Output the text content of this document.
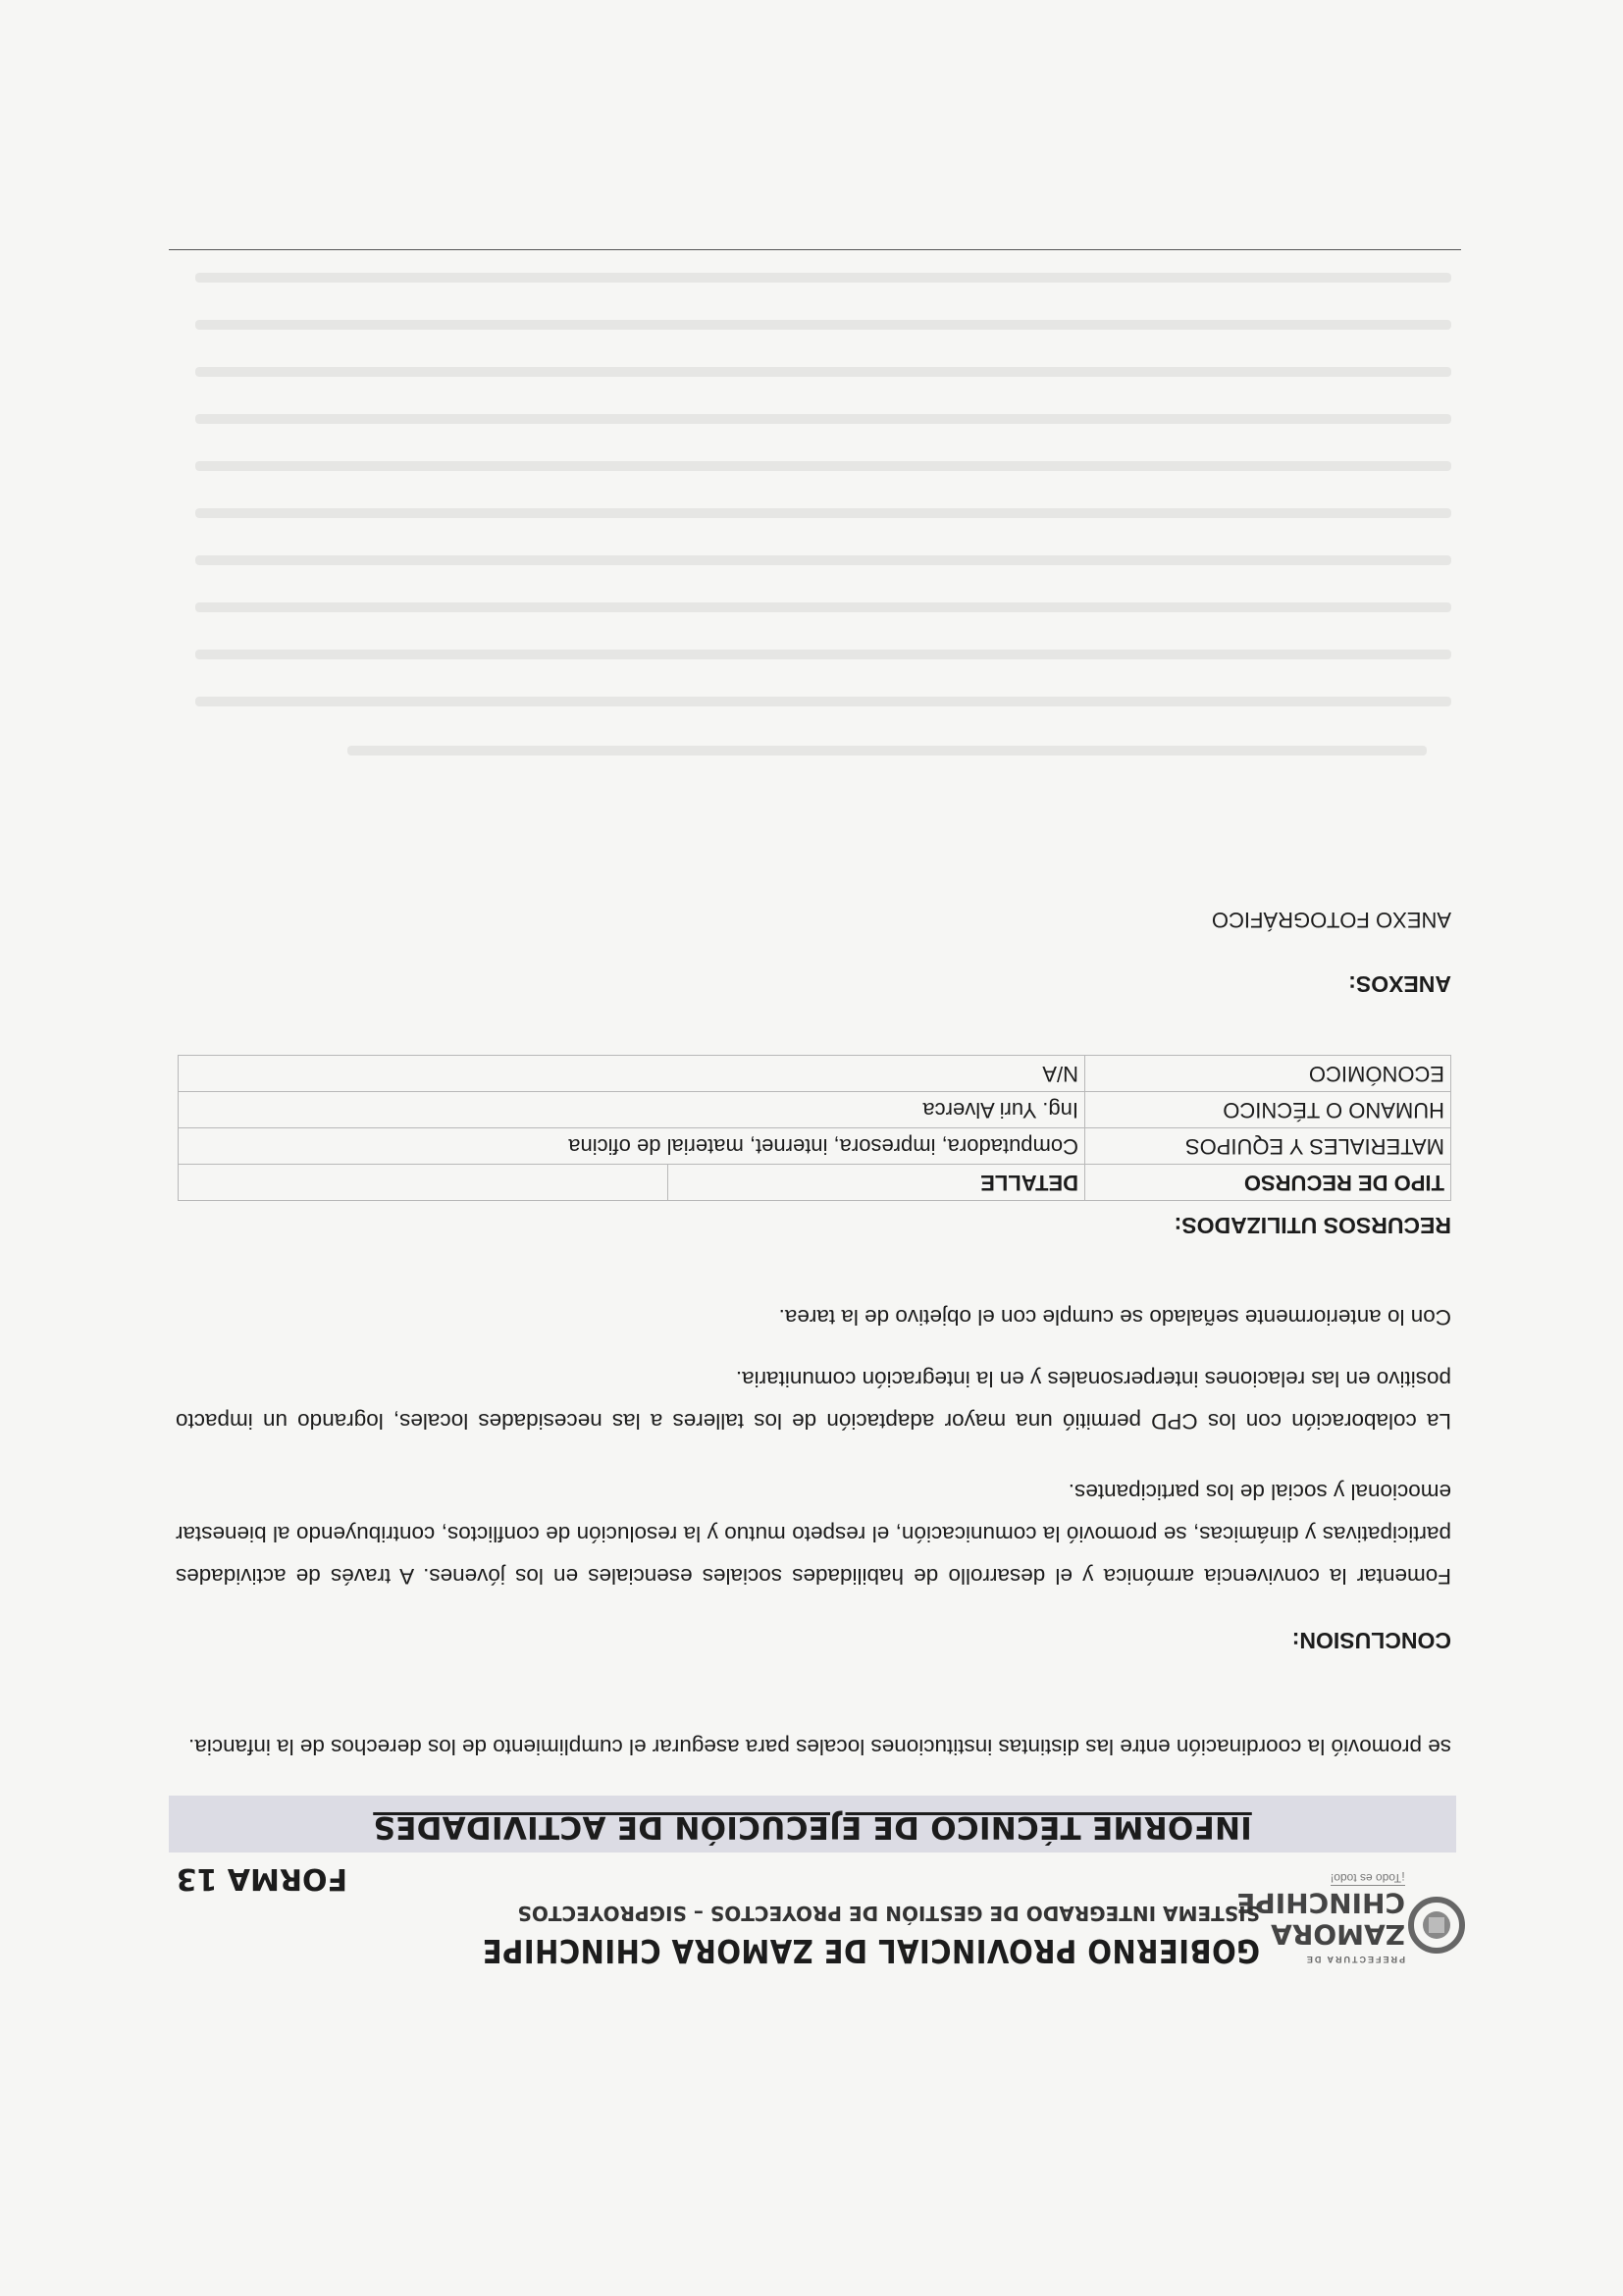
PREFECTURA DE
ZAMORA
CHINCHIPE
¡Todo es todo!
GOBIERNO PROVINCIAL DE ZAMORA CHINCHIPE
SISTEMA INTEGRADO DE GESTIÓN DE PROYECTOS – SIGPROYECTOS
FORMA 13
INFORME TÉCNICO DE EJECUCIÓN DE ACTIVIDADES
se promovió la coordinación entre las distintas instituciones locales para asegurar el cumplimiento de los derechos de la infancia.
CONCLUSION:
Fomentar la convivencia armónica y el desarrollo de habilidades sociales esenciales en los jóvenes. A través de actividades participativas y dinámicas, se promovió la comunicación, el respeto mutuo y la resolución de conflictos, contribuyendo al bienestar emocional y social de los participantes.
La colaboración con los CPD permitió una mayor adaptación de los talleres a las necesidades locales, logrando un impacto positivo en las relaciones interpersonales y en la integración comunitaria.
Con lo anteriormente señalado se cumple con el objetivo de la tarea.
RECURSOS UTILIZADOS:
TIPO DE RECURSO	DETALLE	
MATERIALES Y EQUIPOS	Computadora, impresora, internet, material de oficina	
HUMANO O TÉCNICO	Ing. Yuri Alverca	
ECONÓMICO	N/A	
ANEXOS:
ANEXO FOTOGRÁFICO
